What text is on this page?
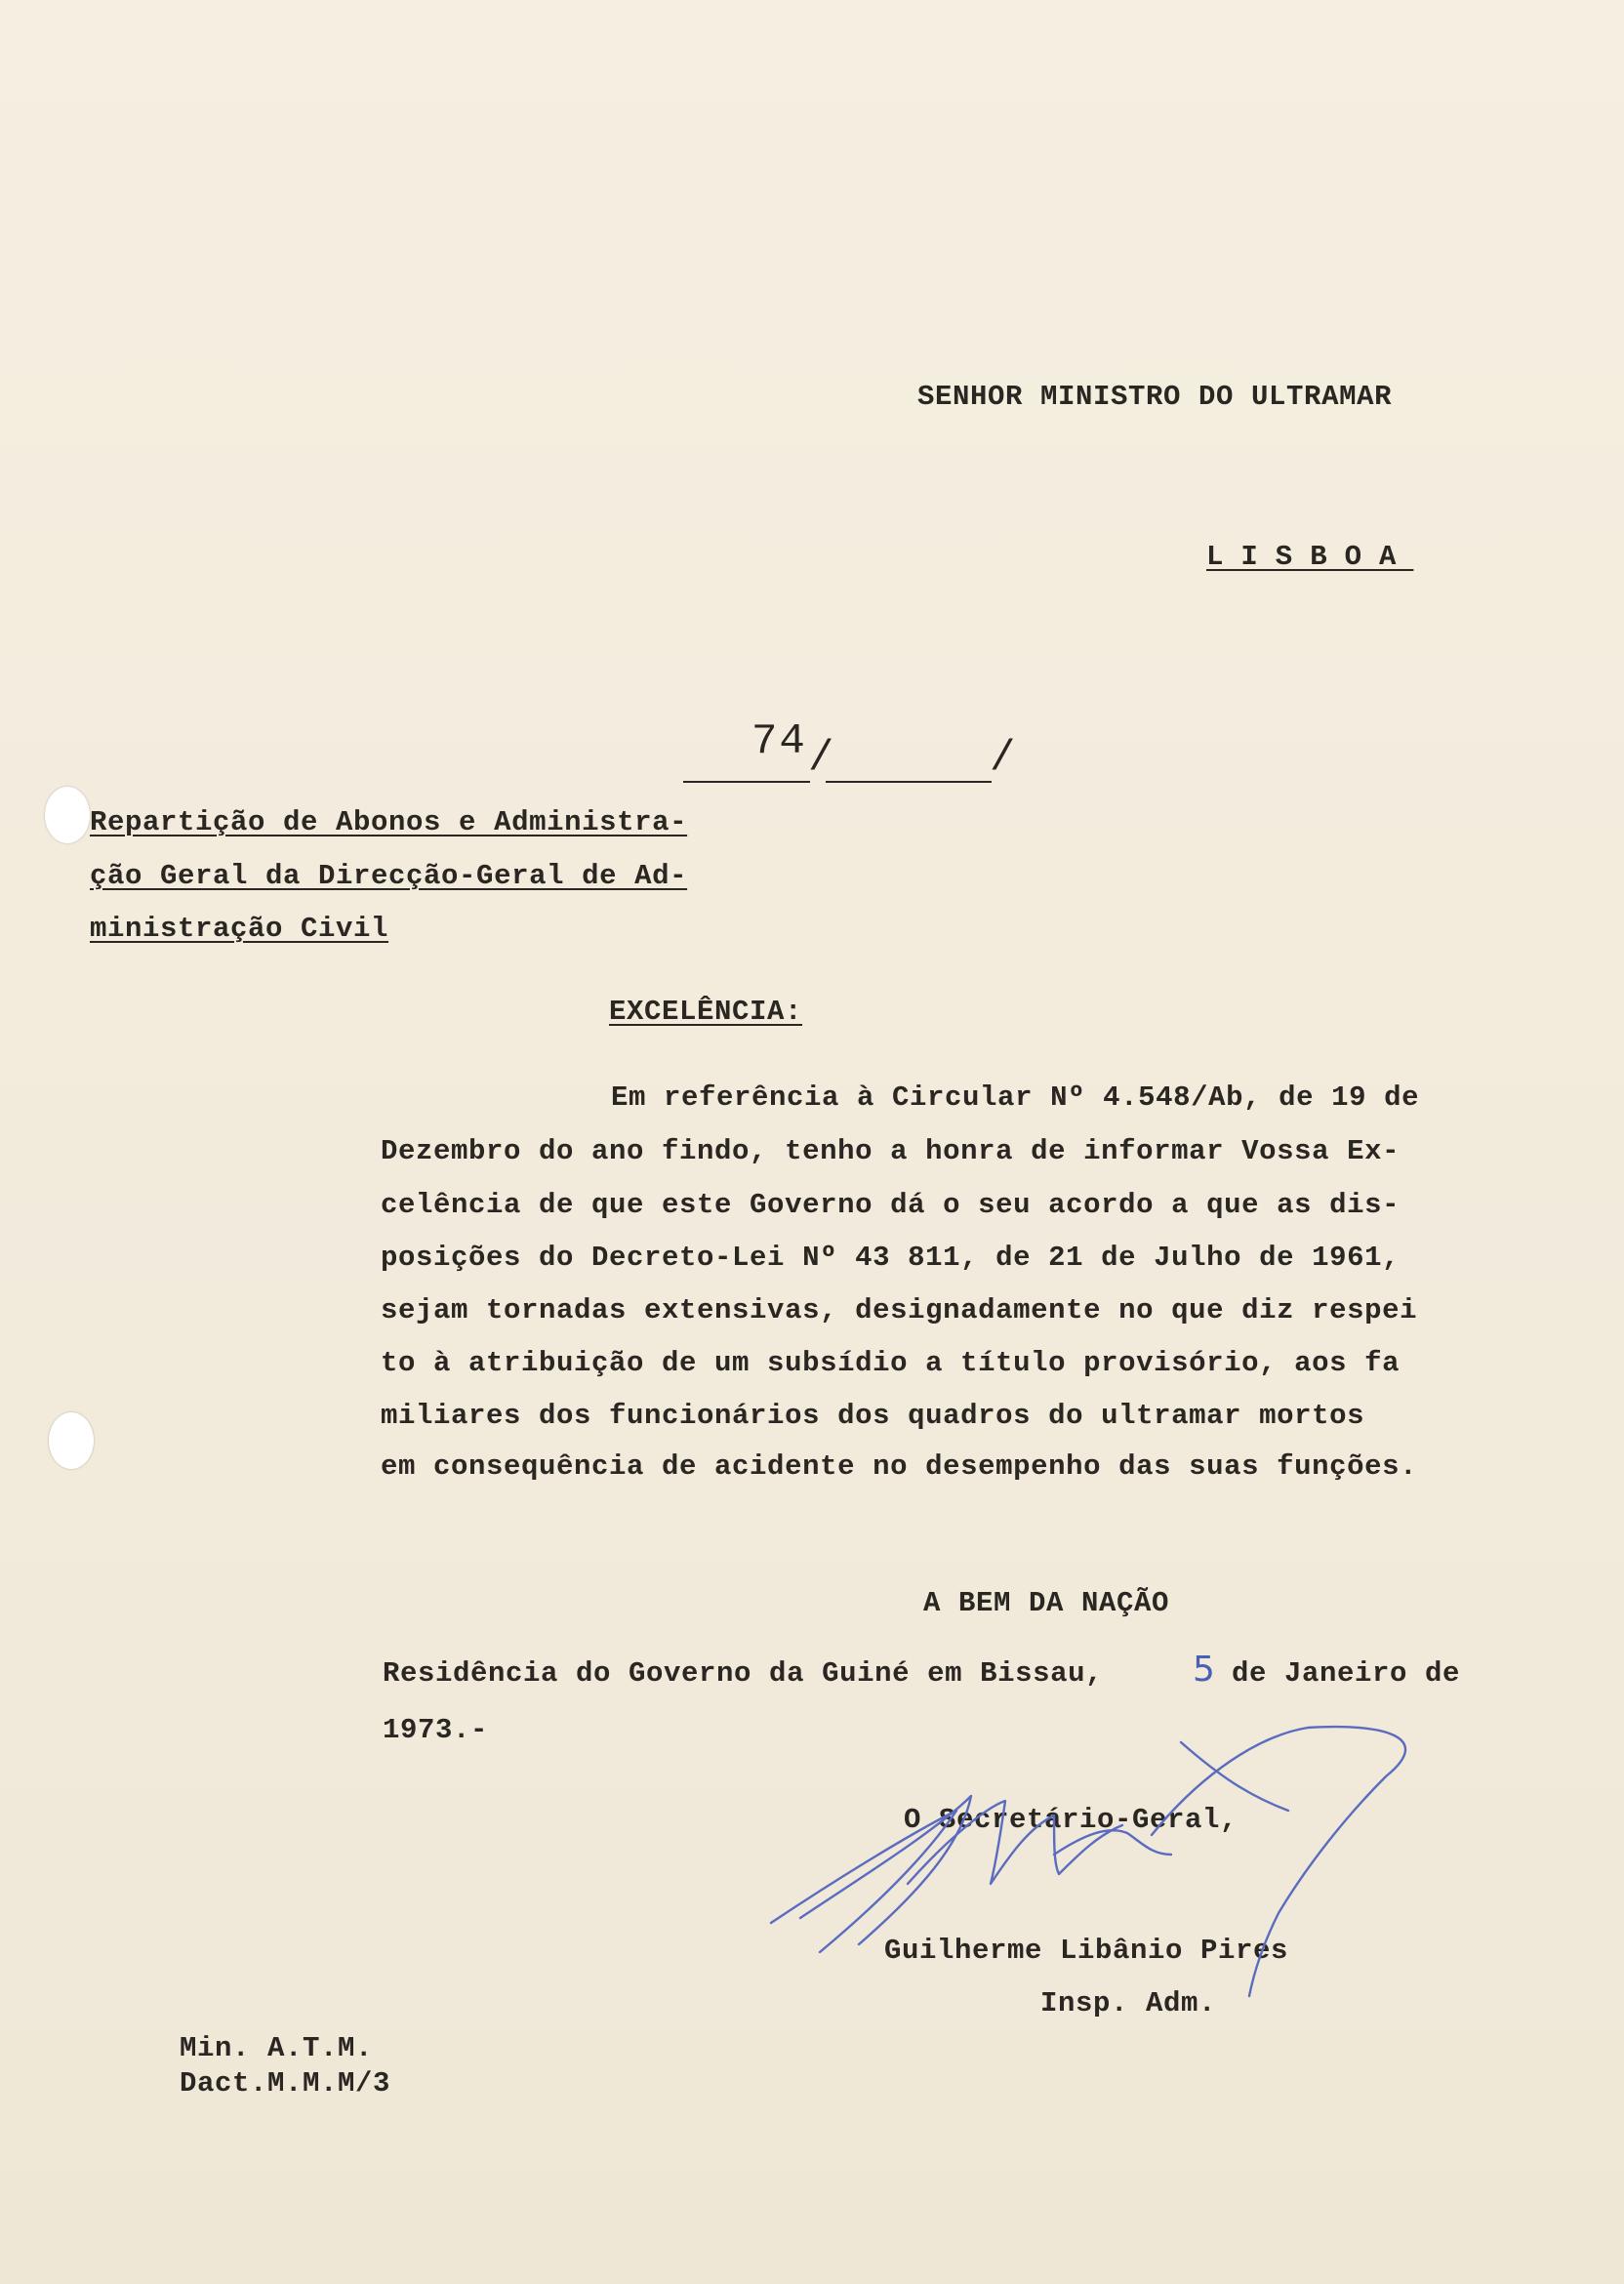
SENHOR MINISTRO DO ULTRAMAR
LISBOA
74 /	/
Repartição de Abonos e Administra-
ção Geral da Direcção-Geral de Ad-
ministração Civil
EXCELÊNCIA:
Em referência à Circular Nº 4.548/Ab, de 19 de
Dezembro do ano findo, tenho a honra de informar Vossa Ex-
celência de que este Governo dá o seu acordo a que as dis-
posições do Decreto-Lei Nº 43 811, de 21 de Julho de 1961,
sejam tornadas extensivas, designadamente no que diz respei
to à atribuição de um subsídio a título provisório, aos fa
miliares dos funcionários dos quadros do ultramar mortos
em consequência de acidente no desempenho das suas funções.
A BEM DA NAÇÃO
Residência do Governo da Guiné em Bissau,	5 de Janeiro de
1973.-
O Secretário-Geral,
Guilherme Libânio Pires
Insp. Adm.
Min. A.T.M.
Dact.M.M.M/3
